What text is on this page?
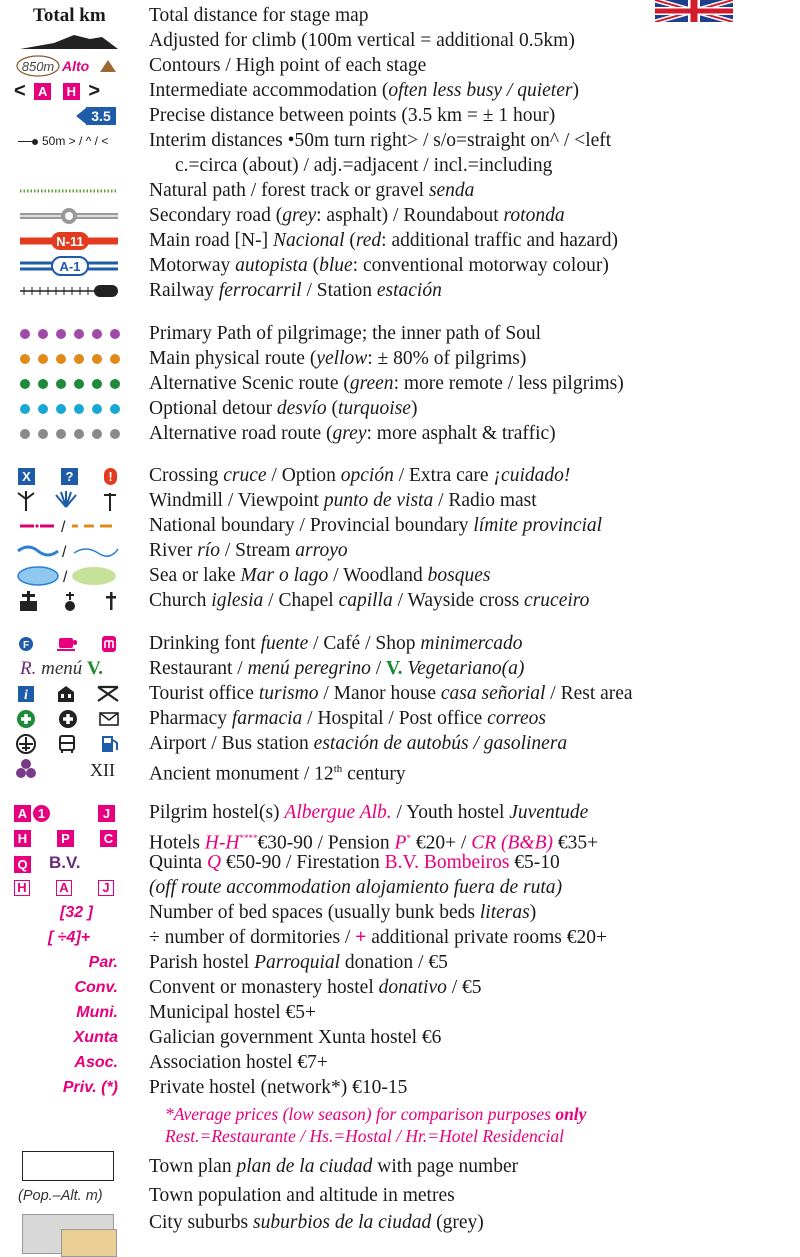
Total km	Total distance for stage map
Adjusted for climb (100m vertical = additional 0.5km)
850m Alto	Contours / High point of each stage
< A H >	Intermediate accommodation (often less busy / quieter)
3.5 Precise distance between points (3.5 km = ± 1 hour)
50m > / ^ / <	Interim distances •50m turn right> / s/o=straight on^ / <left
c.=circa (about) / adj.=adjacent / incl.=including
Natural path / forest track or gravel senda
Secondary road (grey: asphalt) / Roundabout rotonda
N-11	Main road [N-] Nacional (red: additional traffic and hazard)
A-1	Motorway autopista (blue: conventional motorway colour)
Railway ferrocarril / Station estación
Primary Path of pilgrimage; the inner path of Soul
Main physical route (yellow: ± 80% of pilgrims)
Alternative Scenic route (green: more remote / less pilgrims)
Optional detour desvío (turquoise)
Alternative road route (grey: more asphalt & traffic)
X	?	!	Crossing cruce / Option opción / Extra care ¡cuidado!
Windmill / Viewpoint punto de vista / Radio mast
/	National boundary / Provincial boundary límite provincial
/	River río / Stream arroyo
/	Sea or lake Mar o lago / Woodland bosques
Church iglesia / Chapel capilla / Wayside cross cruceiro
F	Drinking font fuente / Café / Shop minimercado
R. menú V.	Restaurant / menú peregrino / V. Vegetariano(a)
i	Tourist office turismo / Manor house casa señorial / Rest area
Pharmacy farmacia / Hospital / Post office correos
Airport / Bus station estación de autobús / gasolinera
XII Ancient monument / 12th century
A 1	J	Pilgrim hostel(s) Albergue Alb. / Youth hostel Juventude
H	P	C	Hotels H-H****€30-90 / Pension P* €20+ / CR (B&B) €35+
Q B.V.	Quinta Q €50-90 / Firestation B.V. Bombeiros €5-10
H	A	J	(off route accommodation alojamiento fuera de ruta)
[32 ]	Number of bed spaces (usually bunk beds literas)
[ ÷4]+	÷ number of dormitories / + additional private rooms €20+
Par. Parish hostel Parroquial donation / €5
Conv. Convent or monastery hostel donativo / €5
Muni. Municipal hostel €5+
Xunta Galician government Xunta hostel €6
Asoc. Association hostel €7+
Priv. (*) Private hostel (network*) €10-15
*Average prices (low season) for comparison purposes only
Rest.=Restaurante / Hs.=Hostal / Hr.=Hotel Residencial
Town plan plan de la ciudad with page number
(Pop.–Alt. m)	Town population and altitude in metres
City suburbs suburbios de la ciudad (grey)
